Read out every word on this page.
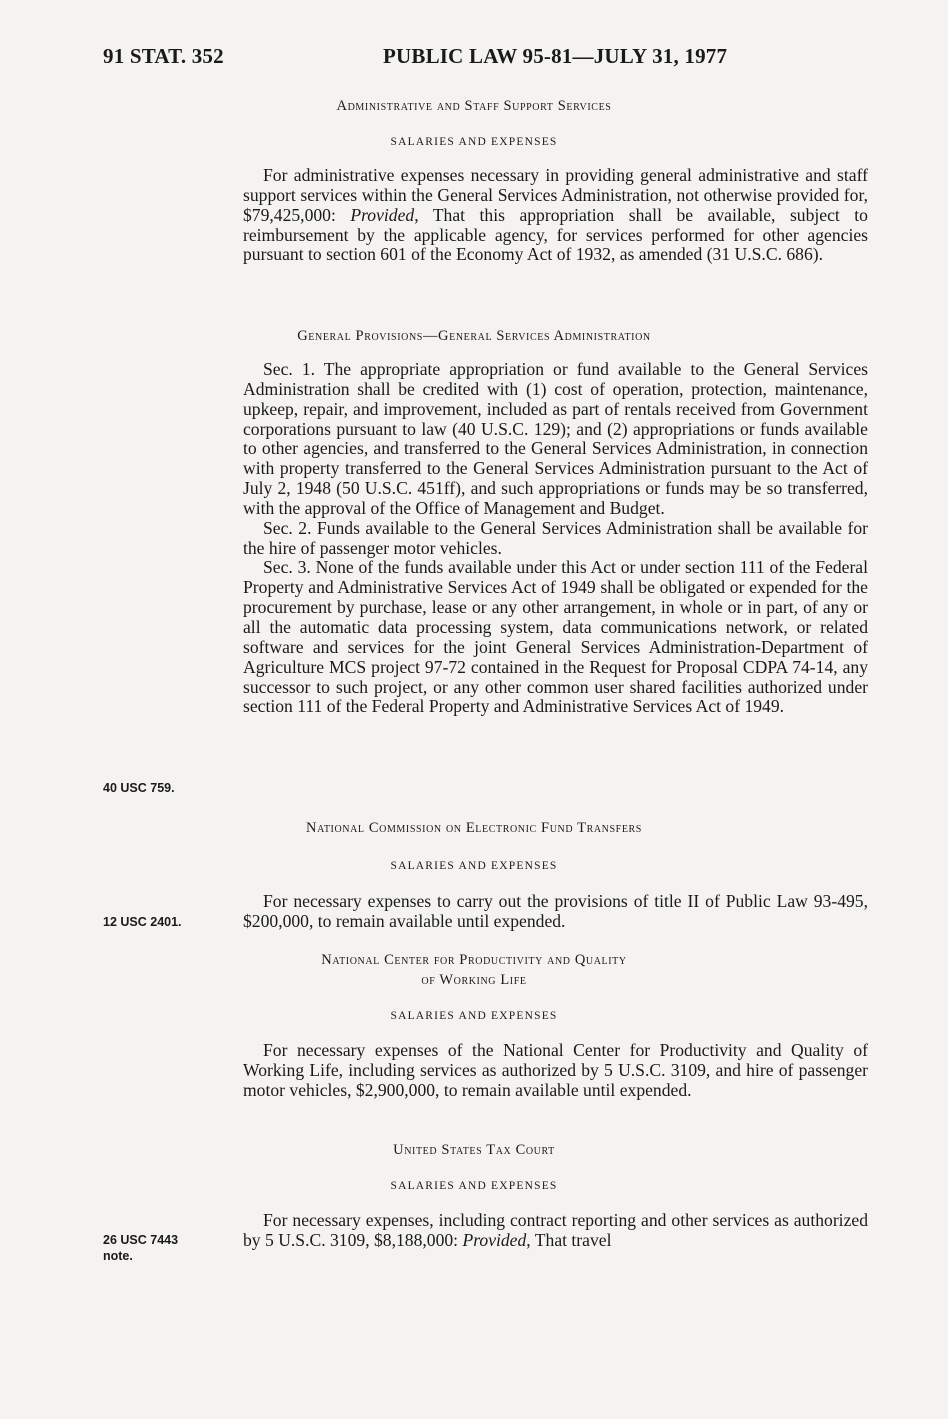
91 STAT. 352	PUBLIC LAW 95-81—JULY 31, 1977
Administrative and Staff Support Services
SALARIES AND EXPENSES

For administrative expenses necessary in providing general administrative and staff support services within the General Services Administration, not otherwise provided for, $79,425,000: Provided, That this appropriation shall be available, subject to reimbursement by the applicable agency, for services performed for other agencies pursuant to section 601 of the Economy Act of 1932, as amended (31 U.S.C. 686).

General Provisions—General Services Administration

Sec. 1. The appropriate appropriation or fund available to the General Services Administration shall be credited with (1) cost of operation, protection, maintenance, upkeep, repair, and improvement, included as part of rentals received from Government corporations pursuant to law (40 U.S.C. 129); and (2) appropriations or funds available to other agencies, and transferred to the General Services Administration, in connection with property transferred to the General Services Administration pursuant to the Act of July 2, 1948 (50 U.S.C. 451ff), and such appropriations or funds may be so transferred, with the approval of the Office of Management and Budget.

Sec. 2. Funds available to the General Services Administration shall be available for the hire of passenger motor vehicles.

Sec. 3. None of the funds available under this Act or under section 111 of the Federal Property and Administrative Services Act of 1949 shall be obligated or expended for the procurement by purchase, lease or any other arrangement, in whole or in part, of any or all the automatic data processing system, data communications network, or related software and services for the joint General Services Administration-Department of Agriculture MCS project 97-72 contained in the Request for Proposal CDPA 74-14, any successor to such project, or any other common user shared facilities authorized under section 111 of the Federal Property and Administrative Services Act of 1949.

40 USC 759.
National Commission on Electronic Fund Transfers
SALARIES AND EXPENSES

For necessary expenses to carry out the provisions of title II of Public Law 93-495, $200,000, to remain available until expended.

12 USC 2401.
National Center for Productivity and Quality
of Working Life
SALARIES AND EXPENSES

For necessary expenses of the National Center for Productivity and Quality of Working Life, including services as authorized by 5 U.S.C. 3109, and hire of passenger motor vehicles, $2,900,000, to remain available until expended.

United States Tax Court
SALARIES AND EXPENSES

For necessary expenses, including contract reporting and other services as authorized by 5 U.S.C. 3109, $8,188,000: Provided, That travel

26 USC 7443
note.
